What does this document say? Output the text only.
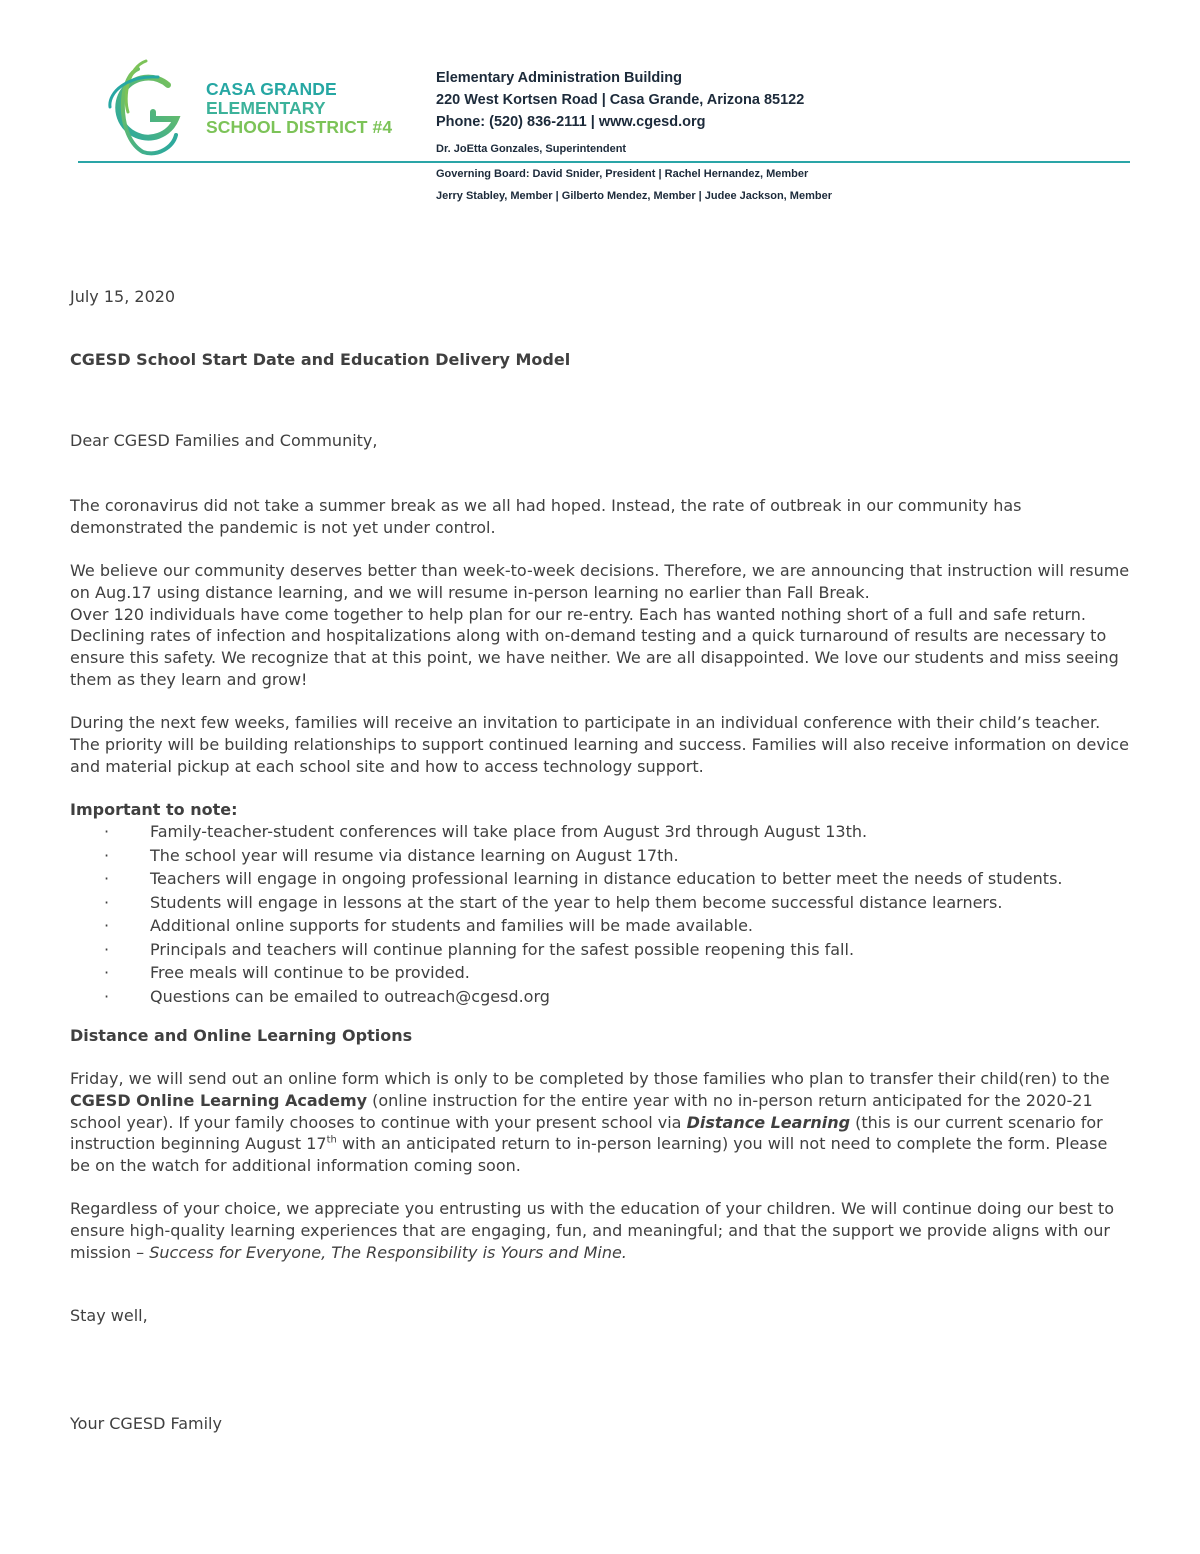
CASA GRANDE
ELEMENTARY
SCHOOL DISTRICT #4
Elementary Administration Building
220 West Kortsen Road | Casa Grande, Arizona 85122
Phone: (520) 836-2111 | www.cgesd.org
Dr. JoEtta Gonzales, Superintendent
Governing Board: David Snider, President | Rachel Hernandez, Member
Jerry Stabley, Member | Gilberto Mendez, Member | Judee Jackson, Member
July 15, 2020
CGESD School Start Date and Education Delivery Model
Dear CGESD Families and Community,
The coronavirus did not take a summer break as we all had hoped. Instead, the rate of outbreak in our community has demonstrated the pandemic is not yet under control.
We believe our community deserves better than week-to-week decisions. Therefore, we are announcing that instruction will resume on Aug.17 using distance learning, and we will resume in-person learning no earlier than Fall Break.
Over 120 individuals have come together to help plan for our re-entry. Each has wanted nothing short of a full and safe return. Declining rates of infection and hospitalizations along with on-demand testing and a quick turnaround of results are necessary to ensure this safety. We recognize that at this point, we have neither. We are all disappointed. We love our students and miss seeing them as they learn and grow!
During the next few weeks, families will receive an invitation to participate in an individual conference with their child’s teacher. The priority will be building relationships to support continued learning and success. Families will also receive information on device and material pickup at each school site and how to access technology support.
Important to note:
·	Family-teacher-student conferences will take place from August 3rd through August 13th.
·	The school year will resume via distance learning on August 17th.
·	Teachers will engage in ongoing professional learning in distance education to better meet the needs of students.
·	Students will engage in lessons at the start of the year to help them become successful distance learners.
·	Additional online supports for students and families will be made available.
·	Principals and teachers will continue planning for the safest possible reopening this fall.
·	Free meals will continue to be provided.
·	Questions can be emailed to outreach@cgesd.org
Distance and Online Learning Options
Friday, we will send out an online form which is only to be completed by those families who plan to transfer their child(ren) to the CGESD Online Learning Academy (online instruction for the entire year with no in-person return anticipated for the 2020-21 school year). If your family chooses to continue with your present school via Distance Learning (this is our current scenario for instruction beginning August 17th with an anticipated return to in-person learning) you will not need to complete the form. Please be on the watch for additional information coming soon.
Regardless of your choice, we appreciate you entrusting us with the education of your children. We will continue doing our best to ensure high-quality learning experiences that are engaging, fun, and meaningful; and that the support we provide aligns with our mission – Success for Everyone, The Responsibility is Yours and Mine.
Stay well,
Your CGESD Family
